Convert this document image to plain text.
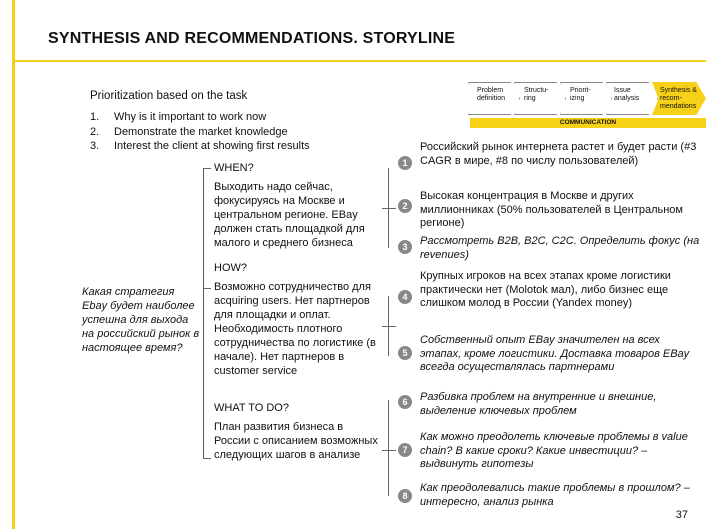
SYNTHESIS AND RECOMMENDATIONS. STORYLINE
Prioritization based on the task
1.	Why is it important to work now
2.	Demonstrate the market knowledge
3.	Interest the client at showing first results
Problem definition
Structu-ring
Priorit-izing
Issue analysis
Synthesis & recom-mendations
COMMUNICATION
Какая стратегия Ebay будет наиболее успешна для выхода на российский рынок в настоящее время?
WHEN?
Выходить надо сейчас, фокусируясь на Москве и центральном регионе. EBay должен стать площадкой для малого и среднего бизнеса
HOW?
Возможно сотрудничество для acquiring users. Нет партнеров для площадки и оплат. Необходимость плотного сотрудничества по логистике (в начале). Нет партнеров в customer service
WHAT TO DO?
План развития бизнеса в России с описанием возможных следующих шагов в анализе
1
2
3
4
5
6
7
8
Российский рынок интернета растет и будет расти (#3 CAGR в мире, #8 по числу пользователей)
Высокая концентрация в Москве и других миллионниках (50% пользователей в Центральном регионе)
Рассмотреть B2B, B2C, C2C. Определить фокус (на revenues)
Крупных игроков на всех этапах кроме логистики практически нет (Molotok мал), либо бизнес еще слишком молод в России (Yandex money)
Собственный опыт EBay значителен на всех этапах, кроме логистики. Доставка товаров EBay всегда осуществлялась партнерами
Разбивка проблем на внутренние и внешние, выделение ключевых проблем
Как можно преодолеть ключевые проблемы в value chain? В какие сроки? Какие инвестиции? – выдвинуть гипотезы
Как преодолевались такие проблемы в прошлом? – интересно, анализ рынка
37
